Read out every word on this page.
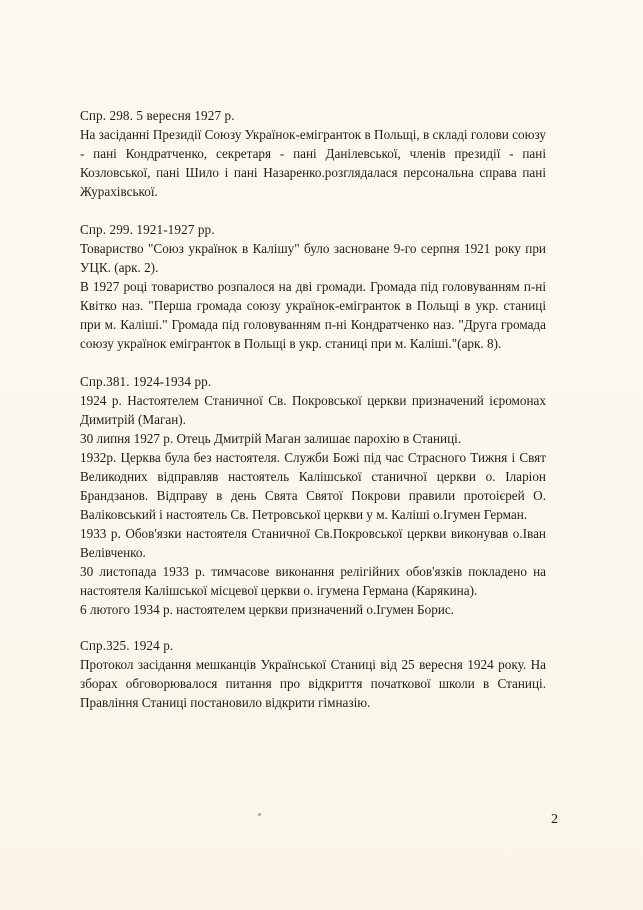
Спр. 298. 5 вересня 1927 р.

На засіданні Президії Союзу Українок-емігранток в Польщі, в складі голови союзу - пані Кондратченко, секретаря - пані Данілевської, членів президії - пані Козловської, пані Шило і пані Назаренко.розглядалася персональна справа пані Журахівської.

Спр. 299. 1921-1927 рр.

Товариство "Союз українок в Калішу" було засноване 9-го серпня 1921 року при УЦК. (арк. 2).

В 1927 році товариство розпалося на дві громади. Громада під головуванням п-ні Квітко наз. "Перша громада союзу українок-емігранток в Польщі в укр. станиці при м. Каліші." Громада під головуванням п-ні Кондратченко наз. "Друга громада союзу українок емігранток в Польщі в укр. станиці при м. Каліші."(арк. 8).

Спр.381. 1924-1934 рр.

1924 р. Настоятелем Станичної Св. Покровської церкви призначений ієромонах Димитрій (Маган).

30 липня 1927 р. Отець Дмитрій Маган залишає парохію в Станиці.

1932р. Церква була без настоятеля. Служби Божі під час Страсного Тижня і Свят Великодних відправляв настоятель Калішської станичної церкви о. Іларіон Брандзанов. Відправу в день Свята Святої Покрови правили протоієрей О. Валіковський і настоятель Св. Петровської церкви у м. Каліші о.Ігумен Герман.

1933 р. Обов'язки настоятеля Станичної Св.Покровської церкви виконував о.Іван Велівченко.

30 листопада 1933 р. тимчасове виконання релігійних обов'язків покладено на настоятеля Калішської місцевої церкви о. ігумена Германа (Карякина).

6 лютого 1934 р. настоятелем церкви призначений о.Ігумен Борис.

Спр.325. 1924 р.

Протокол засідання мешканців Української Станиці від 25 вересня 1924 року. На зборах обговорювалося питання про відкриття початкової школи в Станиці. Правління Станиці постановило відкрити гімназію.

2
